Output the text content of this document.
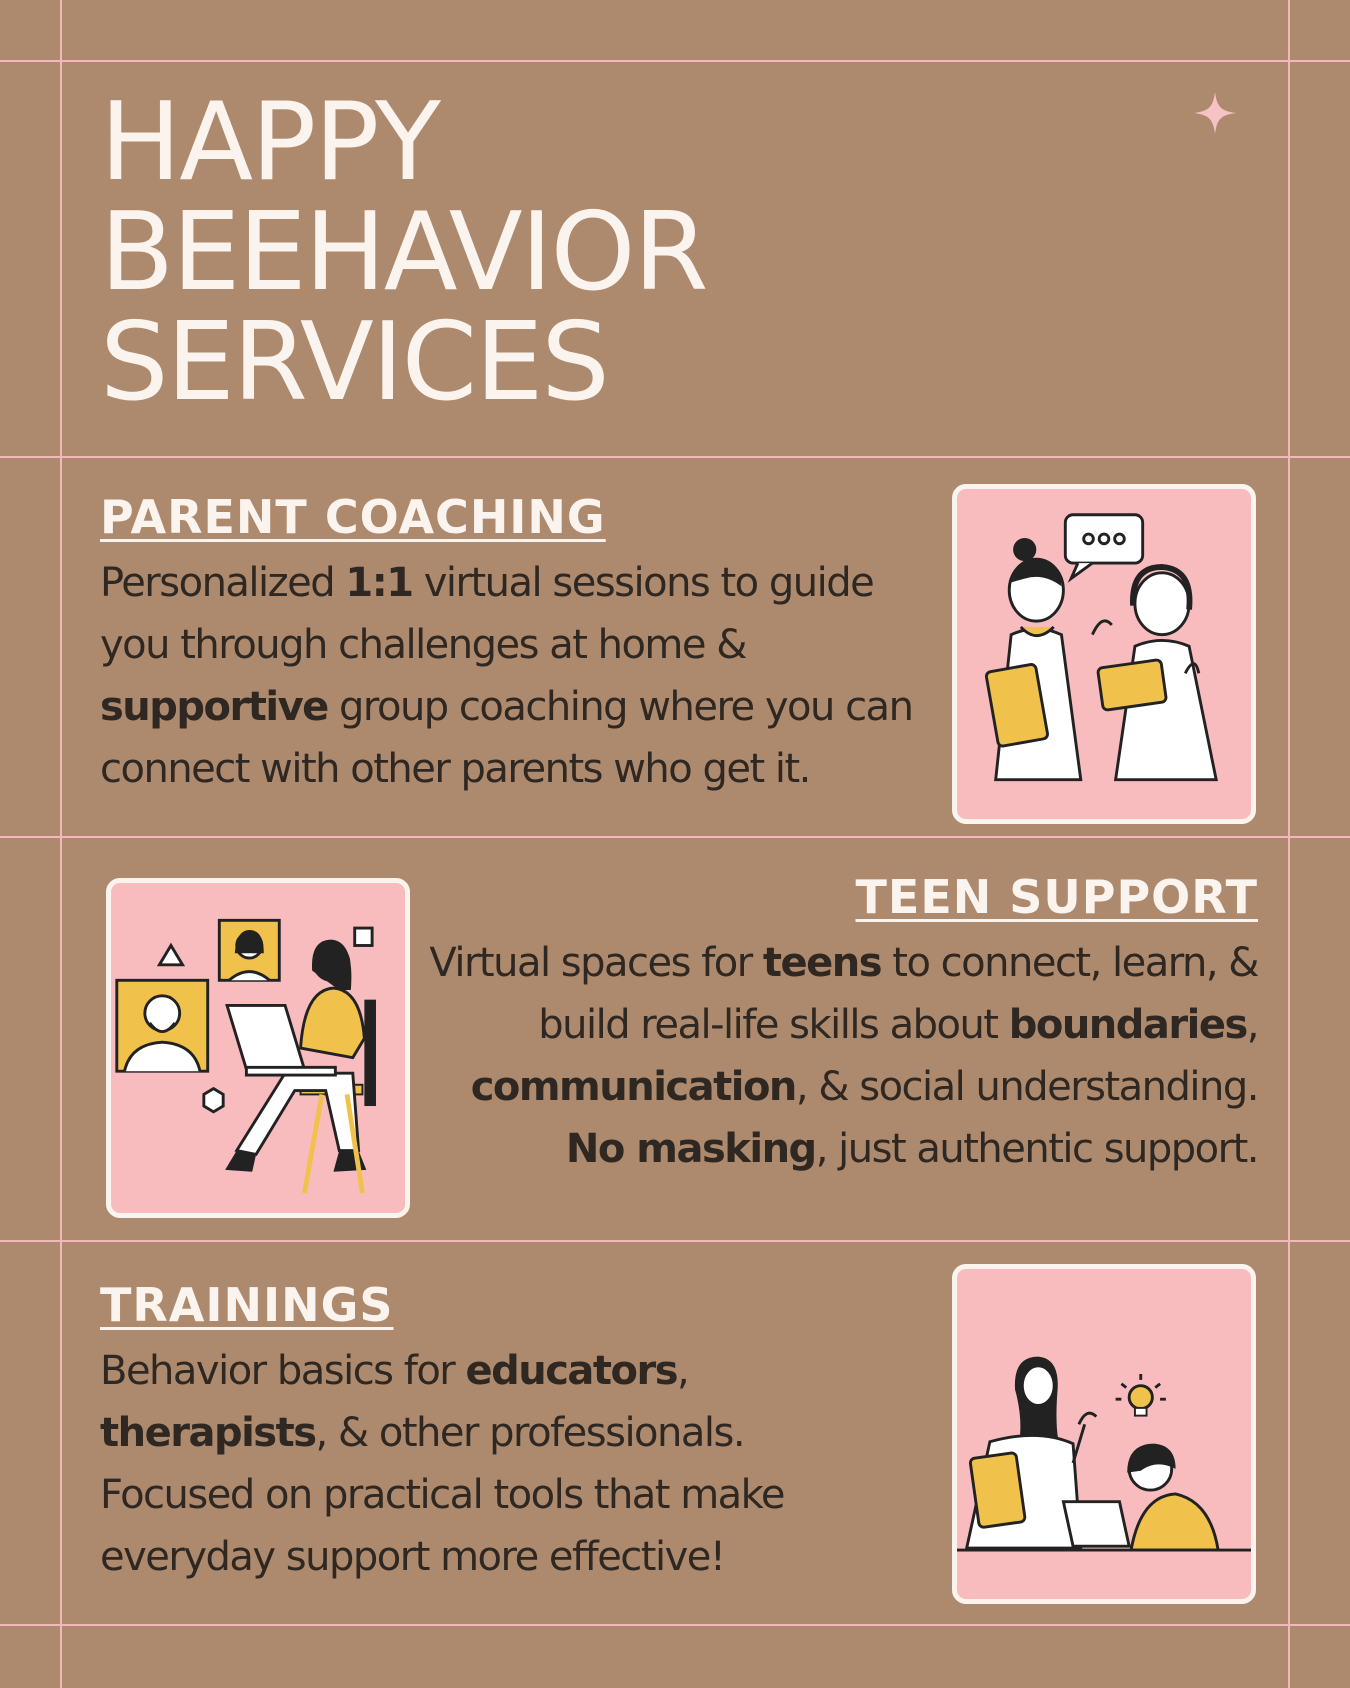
HAPPY
BEEHAVIOR
SERVICES
PARENT COACHING

Personalized 1:1 virtual sessions to guide you through challenges at home & supportive group coaching where you can connect with other parents who get it.

TEEN SUPPORT

Virtual spaces for teens to connect, learn, & build real-life skills about boundaries, communication, & social understanding. No masking, just authentic support.

TRAININGS

Behavior basics for educators, therapists, & other professionals. Focused on practical tools that make everyday support more effective!
